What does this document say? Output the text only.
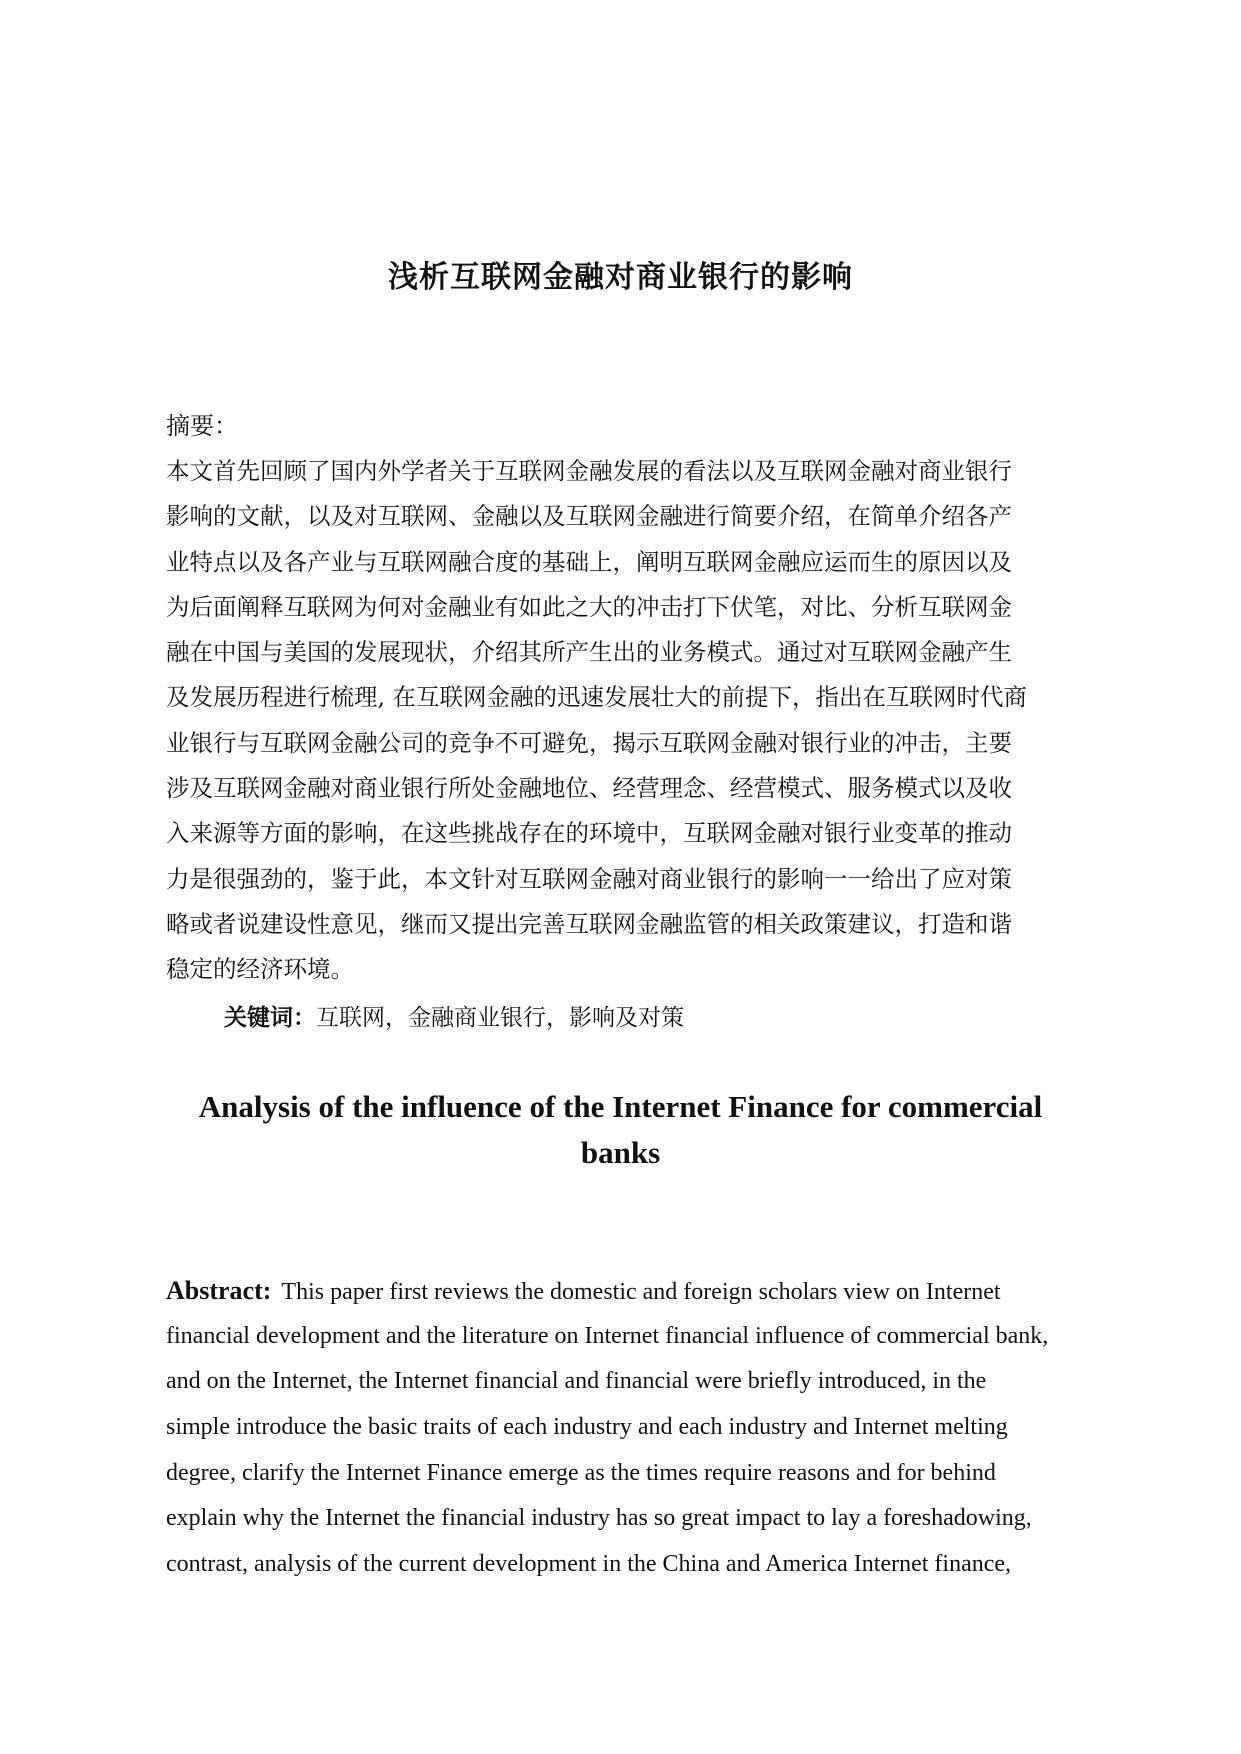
浅析互联网金融对商业银行的影响
摘要：
本文首先回顾了国内外学者关于互联网金融发展的看法以及互联网金融对商业银行
影响的文献，以及对互联网、金融以及互联网金融进行简要介绍，在简单介绍各产
业特点以及各产业与互联网融合度的基础上，阐明互联网金融应运而生的原因以及
为后面阐释互联网为何对金融业有如此之大的冲击打下伏笔，对比、分析互联网金
融在中国与美国的发展现状，介绍其所产生出的业务模式。通过对互联网金融产生
及发展历程进行梳理, 在互联网金融的迅速发展壮大的前提下，指出在互联网时代商
业银行与互联网金融公司的竞争不可避免，揭示互联网金融对银行业的冲击，主要
涉及互联网金融对商业银行所处金融地位、经营理念、经营模式、服务模式以及收
入来源等方面的影响，在这些挑战存在的环境中，互联网金融对银行业变革的推动
力是很强劲的，鉴于此，本文针对互联网金融对商业银行的影响一一给出了应对策
略或者说建设性意见，继而又提出完善互联网金融监管的相关政策建议，打造和谐
稳定的经济环境。
关键词：互联网，金融商业银行，影响及对策
Analysis of the influence of the Internet Finance for commercial
banks
Abstract: This paper first reviews the domestic and foreign scholars view on Internet
financial development and the literature on Internet financial influence of commercial bank,
and on the Internet, the Internet financial and financial were briefly introduced, in the
simple introduce the basic traits of each industry and each industry and Internet melting
degree, clarify the Internet Finance emerge as the times require reasons and for behind
explain why the Internet the financial industry has so great impact to lay a foreshadowing,
contrast, analysis of the current development in the China and America Internet finance,
